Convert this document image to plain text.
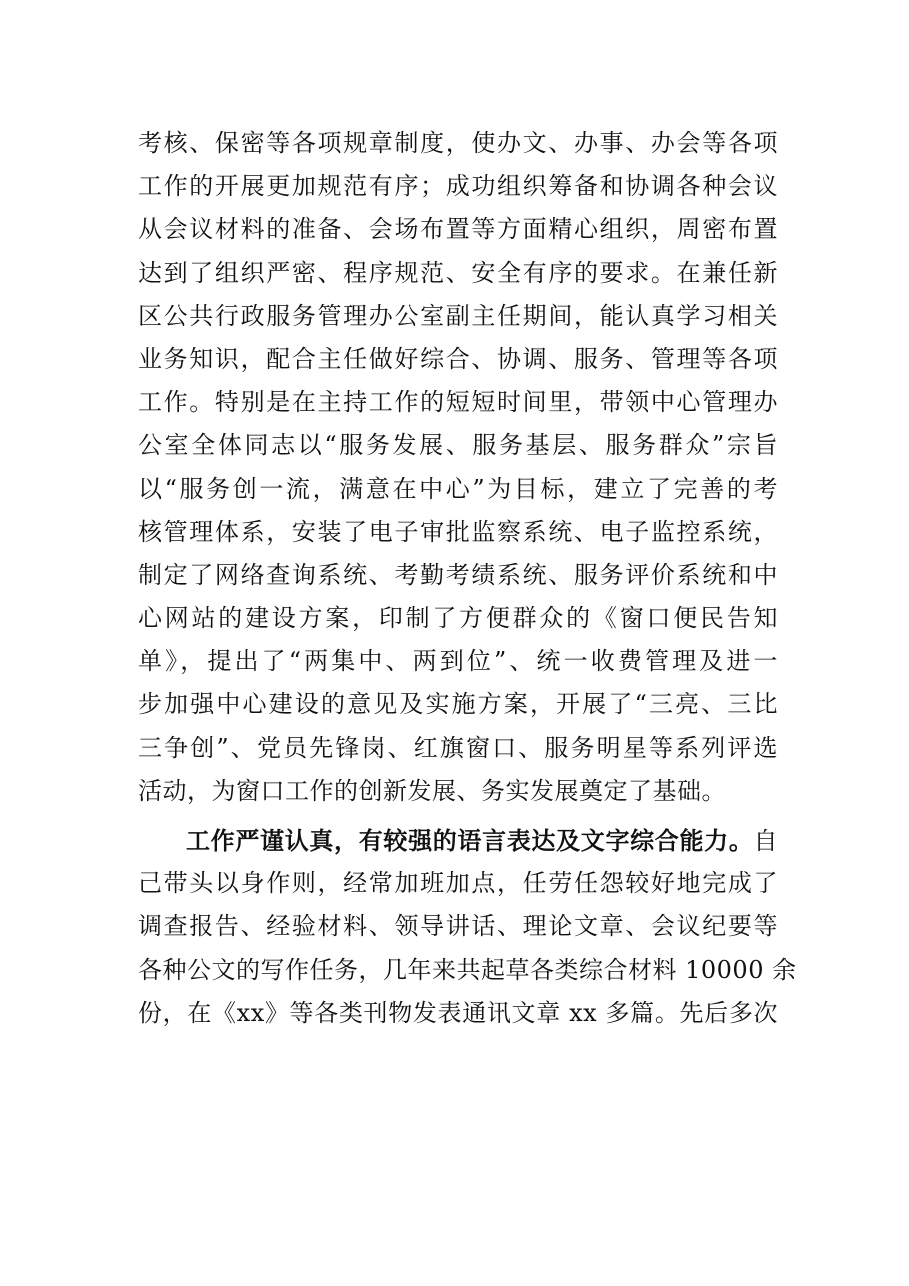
考核、保密等各项规章制度，使办文、办事、办会等各项
工作的开展更加规范有序；成功组织筹备和协调各种会议
从会议材料的准备、会场布置等方面精心组织，周密布置
达到了组织严密、程序规范、安全有序的要求。在兼任新
区公共行政服务管理办公室副主任期间，能认真学习相关
业务知识，配合主任做好综合、协调、服务、管理等各项
工作。特别是在主持工作的短短时间里，带领中心管理办
公室全体同志以“服务发展、服务基层、服务群众”宗旨
以“服务创一流，满意在中心”为目标，建立了完善的考
核管理体系，安装了电子审批监察系统、电子监控系统，
制定了网络查询系统、考勤考绩系统、服务评价系统和中
心网站的建设方案，印制了方便群众的《窗口便民告知
单》，提出了“两集中、两到位”、统一收费管理及进一
步加强中心建设的意见及实施方案，开展了“三亮、三比
三争创”、党员先锋岗、红旗窗口、服务明星等系列评选
活动，为窗口工作的创新发展、务实发展奠定了基础。
工作严谨认真，有较强的语言表达及文字综合能力。自
己带头以身作则，经常加班加点，任劳任怨较好地完成了
调查报告、经验材料、领导讲话、理论文章、会议纪要等
各种公文的写作任务，几年来共起草各类综合材料 10000 余
份，在《xx》等各类刊物发表通讯文章 xx 多篇。先后多次
